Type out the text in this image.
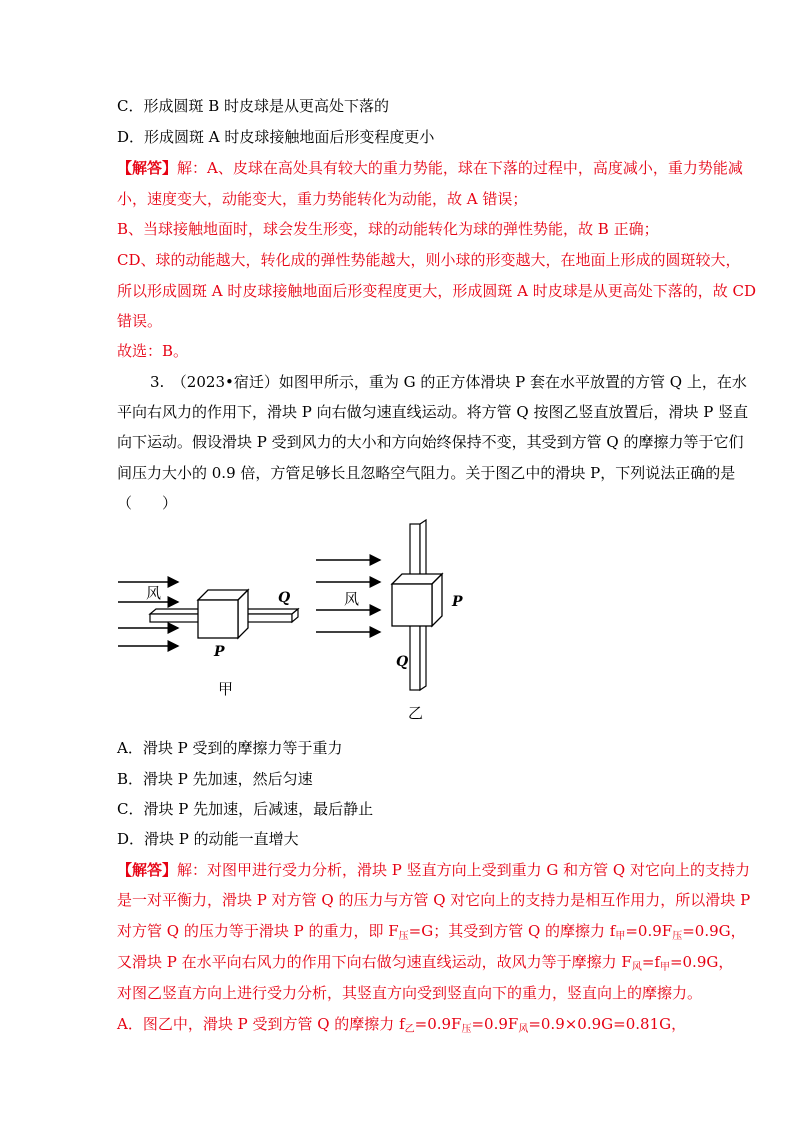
C．形成圆斑 B 时皮球是从更高处下落的
D．形成圆斑 A 时皮球接触地面后形变程度更小
【解答】解：A、皮球在高处具有较大的重力势能，球在下落的过程中，高度减小，重力势能减
小，速度变大，动能变大，重力势能转化为动能，故 A 错误；
B、当球接触地面时，球会发生形变，球的动能转化为球的弹性势能，故 B 正确；
CD、球的动能越大，转化成的弹性势能越大，则小球的形变越大，在地面上形成的圆斑较大，
所以形成圆斑 A 时皮球接触地面后形变程度更大，形成圆斑 A 时皮球是从更高处下落的，故 CD
错误。
故选：B。
3.　（2023•宿迁）如图甲所示，重为 G 的正方体滑块 P 套在水平放置的方管 Q 上，在水
平向右风力的作用下，滑块 P 向右做匀速直线运动。将方管 Q 按图乙竖直放置后，滑块 P 竖直
向下运动。假设滑块 P 受到风力的大小和方向始终保持不变，其受到方管 Q 的摩擦力等于它们
间压力大小的 0.9 倍，方管足够长且忽略空气阻力。关于图乙中的滑块 P，下列说法正确的是
（　　）
风	Q
P
甲
风	P
Q
乙
A．滑块 P 受到的摩擦力等于重力
B．滑块 P 先加速，然后匀速
C．滑块 P 先加速，后减速，最后静止
D．滑块 P 的动能一直增大
【解答】解：对图甲进行受力分析，滑块 P 竖直方向上受到重力 G 和方管 Q 对它向上的支持力
是一对平衡力，滑块 P 对方管 Q 的压力与方管 Q 对它向上的支持力是相互作用力，所以滑块 P
对方管 Q 的压力等于滑块 P 的重力，即 $F_压=G$；其受到方管 Q 的摩擦力 $f_甲=0.9F_压=0.9G$，
又滑块 P 在水平向右风力的作用下向右做匀速直线运动，故风力等于摩擦力 $F_风=f_甲=0.9G$，
对图乙竖直方向上进行受力分析，其竖直方向受到竖直向下的重力，竖直向上的摩擦力。
A．图乙中，滑块 P 受到方管 Q 的摩擦力 $f_乙=0.9F_压=0.9F_风=0.9\times 0.9G=0.81G$，
